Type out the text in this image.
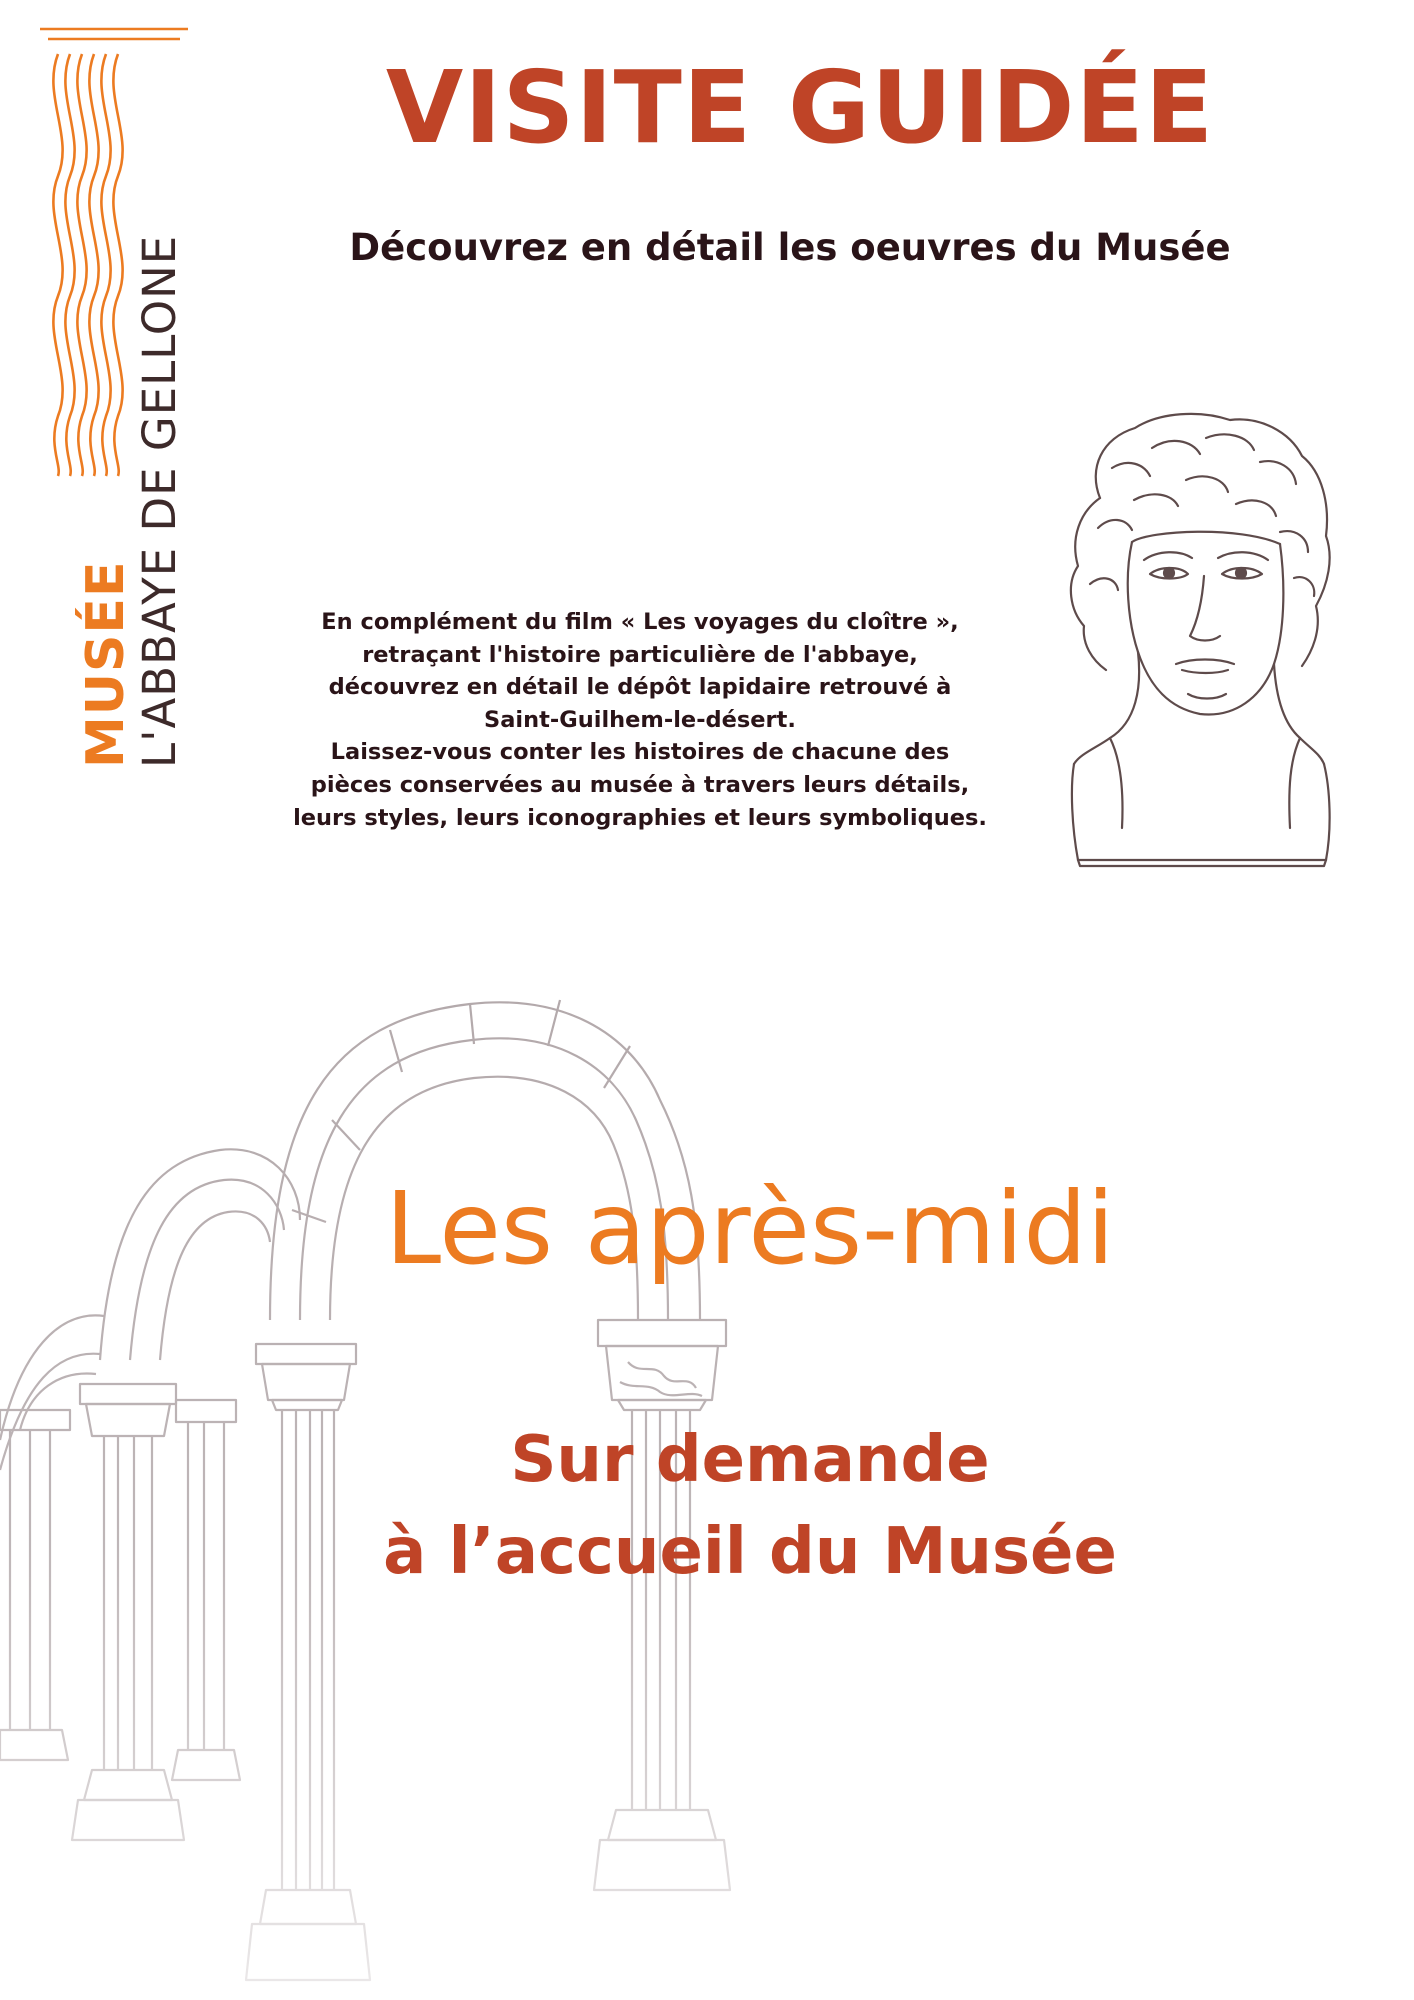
MUSÉE
L'ABBAYE DE GELLONE
VISITE GUIDÉE
Découvrez en détail les oeuvres du Musée

En complément du film « Les voyages du cloître »,
retraçant l'histoire particulière de l'abbaye,
découvrez en détail le dépôt lapidaire retrouvé à
Saint-Guilhem-le-désert.
Laissez-vous conter les histoires de chacune des
pièces conservées au musée à travers leurs détails,
leurs styles, leurs iconographies et leurs symboliques.

Les après-midi

Sur demande
à l’accueil du Musée
